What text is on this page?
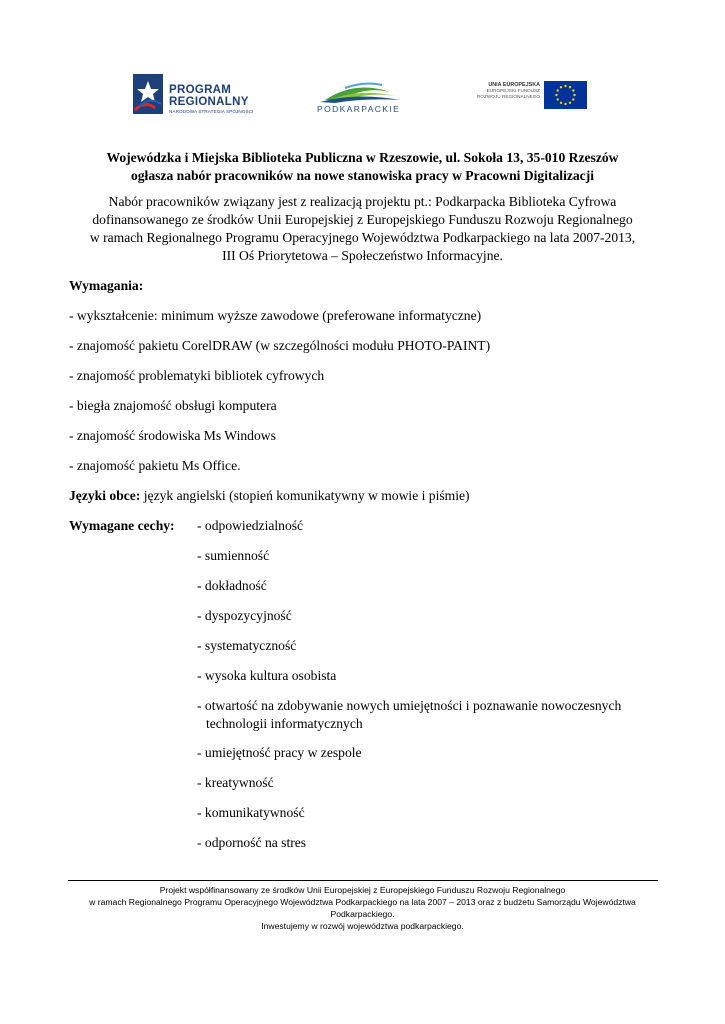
PROGRAM
REGIONALNY
NARODOWA STRATEGIA SPÓJNOŚCI	PODKARPACKIE
UNIA EUROPEJSKA
EUROPEJSKI FUNDUSZ
ROZWOJU REGIONALNEGO
Wojewódzka i Miejska Biblioteka Publiczna w Rzeszowie, ul. Sokoła 13, 35-010 Rzeszów
ogłasza nabór pracowników na nowe stanowiska pracy w Pracowni Digitalizacji
Nabór pracowników związany jest z realizacją projektu pt.: Podkarpacka Biblioteka Cyfrowa
dofinansowanego ze środków Unii Europejskiej z Europejskiego Funduszu Rozwoju Regionalnego
w ramach Regionalnego Programu Operacyjnego Województwa Podkarpackiego na lata 2007-2013,
III Oś Priorytetowa – Społeczeństwo Informacyjne.
Wymagania:
- wykształcenie: minimum wyższe zawodowe (preferowane informatyczne)
- znajomość pakietu CorelDRAW (w szczególności modułu PHOTO-PAINT)
- znajomość problematyki bibliotek cyfrowych
- biegła znajomość obsługi komputera
- znajomość środowiska Ms Windows
- znajomość pakietu Ms Office.
Języki obce: język angielski (stopień komunikatywny w mowie i piśmie)
Wymagane cechy: - odpowiedzialność
- sumienność
- dokładność
- dyspozycyjność
- systematyczność
- wysoka kultura osobista
- otwartość na zdobywanie nowych umiejętności i poznawanie nowoczesnych
technologii informatycznych
- umiejętność pracy w zespole
- kreatywność
- komunikatywność
- odporność na stres
Projekt współfinansowany ze środków Unii Europejskiej z Europejskiego Funduszu Rozwoju Regionalnego
w ramach Regionalnego Programu Operacyjnego Województwa Podkarpackiego na lata 2007 – 2013 oraz z budżetu Samorządu Województwa
Podkarpackiego.
Inwestujemy w rozwój województwa podkarpackiego.
